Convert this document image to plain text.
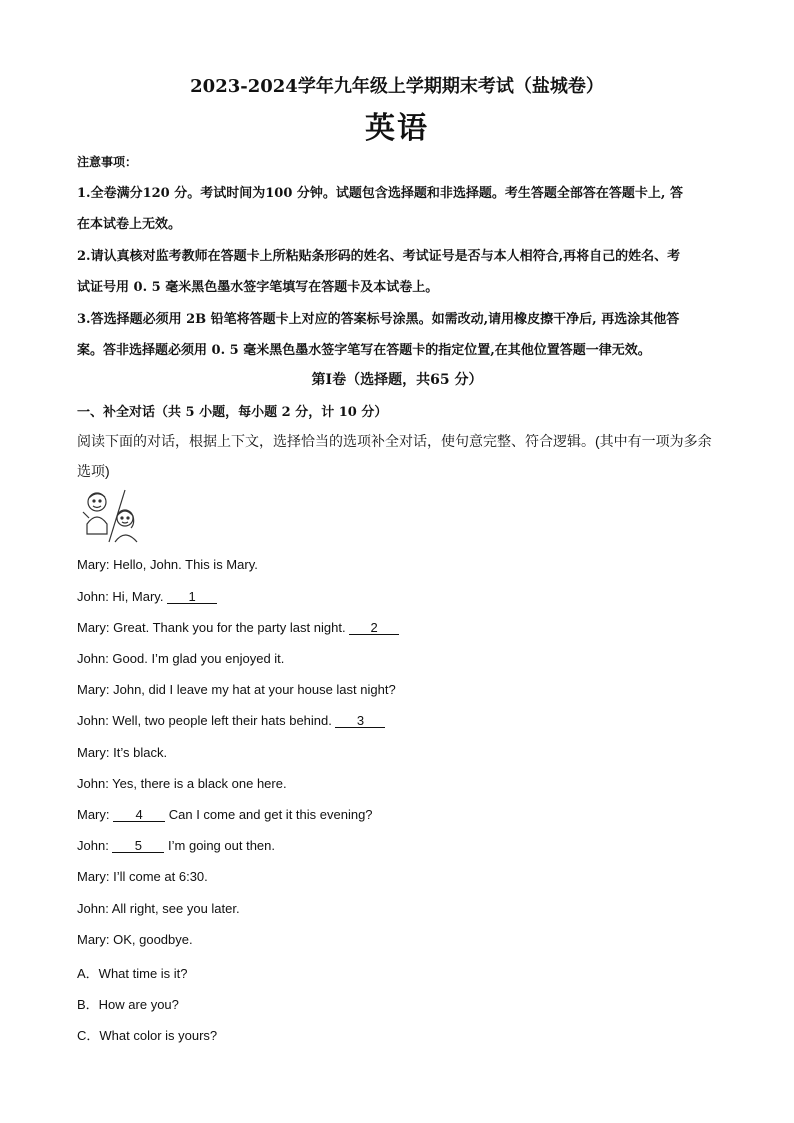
2023-2024学年九年级上学期期末考试（盐城卷）
英语
注意事项：
1.全卷满分120 分。考试时间为100 分钟。试题包含选择题和非选择题。考生答题全部答在答题卡上, 答
在本试卷上无效。
2.请认真核对监考教师在答题卡上所粘贴条形码的姓名、考试证号是否与本人相符合,再将自己的姓名、考
试证号用 0. 5 毫米黑色墨水签字笔填写在答题卡及本试卷上。
3.答选择题必须用 2B 铅笔将答题卡上对应的答案标号涂黑。如需改动,请用橡皮擦干净后, 再选涂其他答
案。答非选择题必须用 0. 5 毫米黑色墨水签字笔写在答题卡的指定位置,在其他位置答题一律无效。
第Ⅰ卷（选择题，共65 分）
一、补全对话（共 5 小题，每小题 2 分，计 10 分）
阅读下面的对话，根据上下文，选择恰当的选项补全对话，使句意完整、符合逻辑。(其中有一项为多余
选项)
Mary: Hello, John. This is Mary.
John: Hi, Mary. 1
Mary: Great. Thank you for the party last night. 2
John: Good. I’m glad you enjoyed it.
Mary: John, did I leave my hat at your house last night?
John: Well, two people left their hats behind. 3
Mary: It’s black.
John: Yes, there is a black one here.
Mary: 4 Can I come and get it this evening?
John: 5 I’m going out then.
Mary: I’ll come at 6:30.
John: All right, see you later.
Mary: OK, goodbye.
A．What time is it?
B．How are you?
C．What color is yours?
